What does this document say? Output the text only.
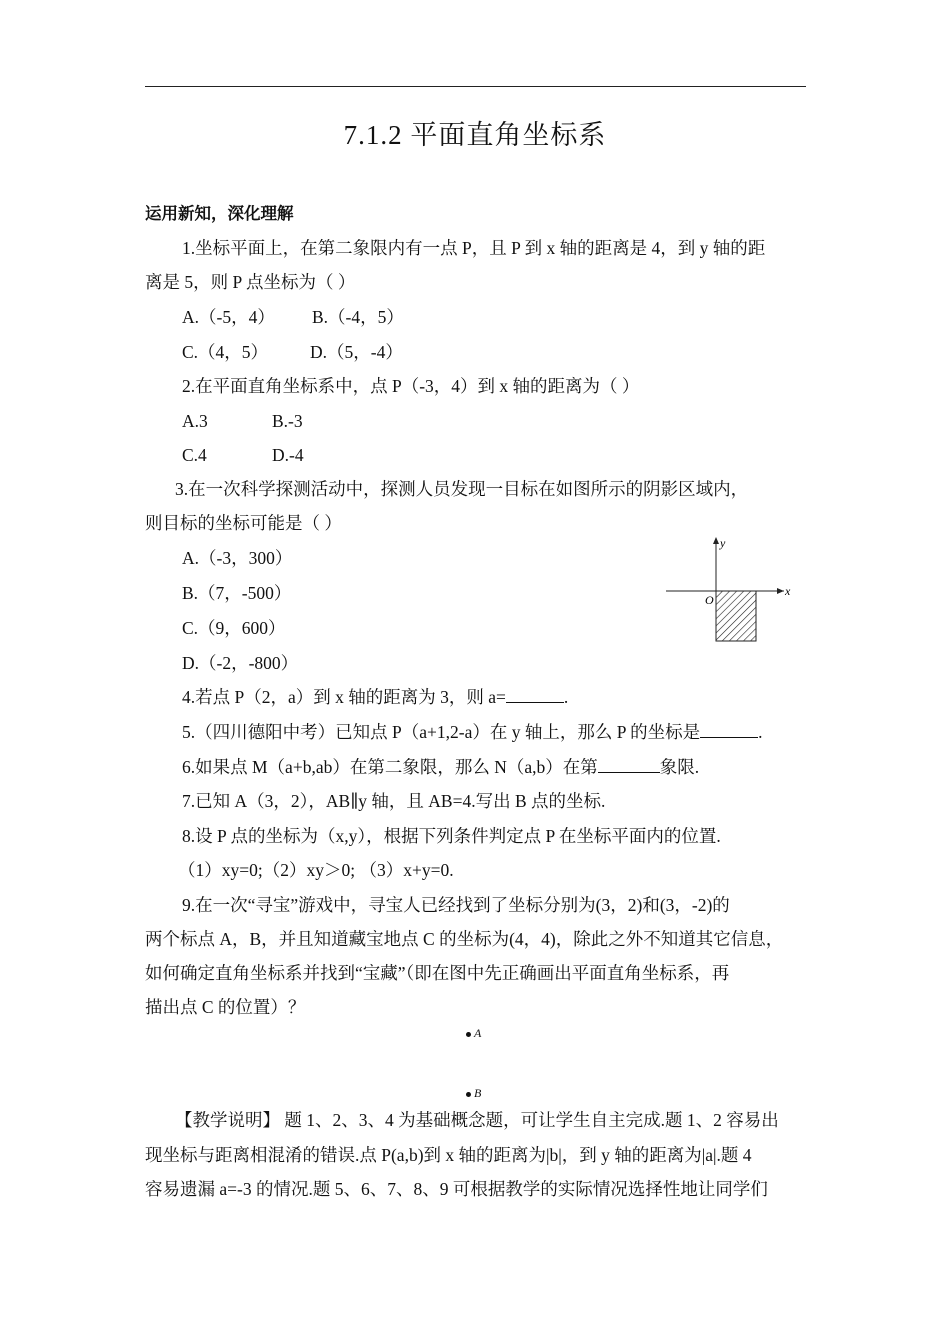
7.1.2 平面直角坐标系
运用新知，深化理解
1.坐标平面上，在第二象限内有一点 P，且 P 到 x 轴的距离是 4，到 y 轴的距
离是 5，则 P 点坐标为（ ）
A.（-5，4） B.（-4，5）
C.（4，5） D.（5，-4）
2.在平面直角坐标系中，点 P（-3，4）到 x 轴的距离为（ ）
A.3	B.-3
C.4	D.-4
3.在一次科学探测活动中，探测人员发现一目标在如图所示的阴影区域内，
则目标的坐标可能是（ ）
A.（-3，300）
B.（7，-500）
C.（9，600）
D.（-2，-800）
x
y
O
4.若点 P（2，a）到 x 轴的距离为 3，则 a=	.
5.（四川德阳中考）已知点 P（a+1,2-a）在 y 轴上，那么 P 的坐标是	.
6.如果点 M（a+b,ab）在第二象限，那么 N（a,b）在第	象限.
7.已知 A（3，2），AB∥y 轴，且 AB=4.写出 B 点的坐标.
8.设 P 点的坐标为（x,y），根据下列条件判定点 P 在坐标平面内的位置.
（1）xy=0;（2）xy＞0; （3）x+y=0.
9.在一次“寻宝”游戏中，寻宝人已经找到了坐标分别为(3，2)和(3，-2)的
两个标点 A，B，并且知道藏宝地点 C 的坐标为(4，4)，除此之外不知道其它信息，
如何确定直角坐标系并找到“宝藏”（即在图中先正确画出平面直角坐标系，再
描出点 C 的位置）？
A
B
【教学说明】 题 1、2、3、4 为基础概念题，可让学生自主完成.题 1、2 容易出
现坐标与距离相混淆的错误.点 P(a,b)到 x 轴的距离为|b|，到 y 轴的距离为|a|.题 4
容易遗漏 a=-3 的情况.题 5、6、7、8、9 可根据教学的实际情况选择性地让同学们
